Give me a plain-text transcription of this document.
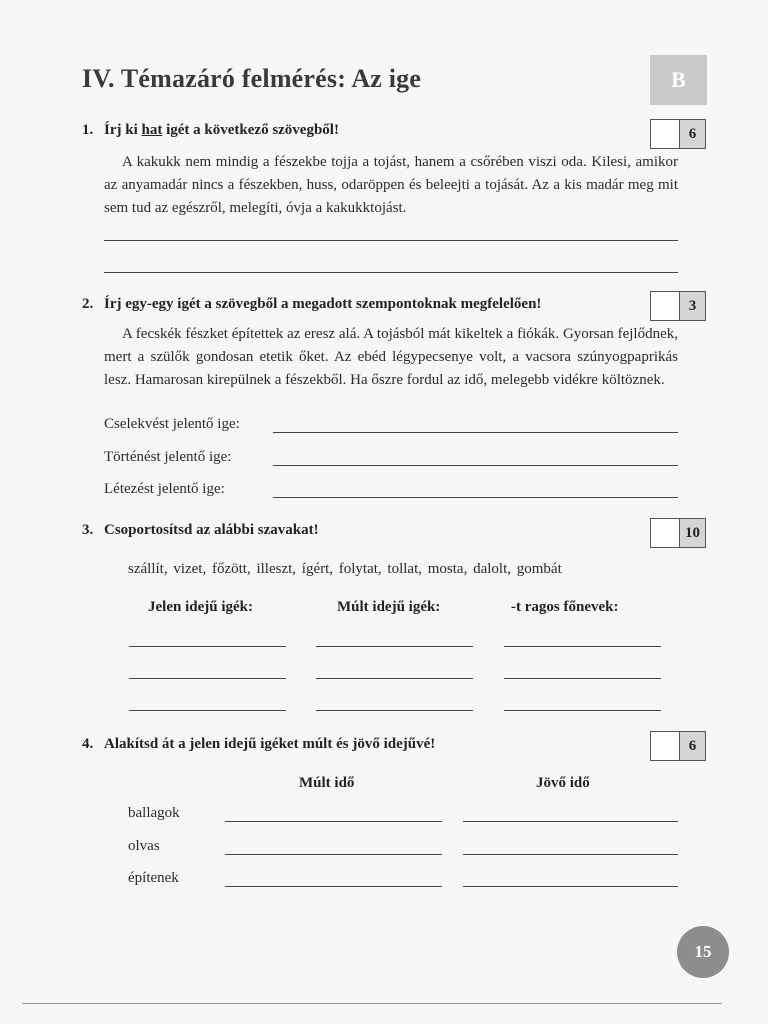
IV. Témazáró felmérés: Az ige	B
1. Írj ki hat igét a következő szövegből!	6

A kakukk nem mindig a fészekbe tojja a tojást, hanem a csőrében viszi oda. Kilesi, amikor az anyamadár nincs a fészekben, huss, odaröppen és beleejti a tojását. Az a kis madár meg mit sem tud az egészről, melegíti, óvja a kakukktojást.

2. Írj egy-egy igét a szövegből a megadott szempontoknak megfelelően!	3

A fecskék fészket építettek az eresz alá. A tojásból mát kikeltek a fiókák. Gyorsan fejlődnek, mert a szülők gondosan etetik őket. Az ebéd légypecsenye volt, a vacsora szúnyogpaprikás lesz. Hamarosan kirepülnek a fészekből. Ha őszre fordul az idő, melegebb vidékre költöznek.

Cselekvést jelentő ige:
Történést jelentő ige:
Létezést jelentő ige:
3. Csoportosítsd az alábbi szavakat!	10
szállít, vizet, főzött, illeszt, ígért, folytat, tollat, mosta, dalolt, gombát
Jelen idejű igék:	Múlt idejű igék:	-t ragos főnevek:
4. Alakítsd át a jelen idejű igéket múlt és jövő idejűvé!	6
Múlt idő	Jövő idő
ballagok
olvas
építenek
15
